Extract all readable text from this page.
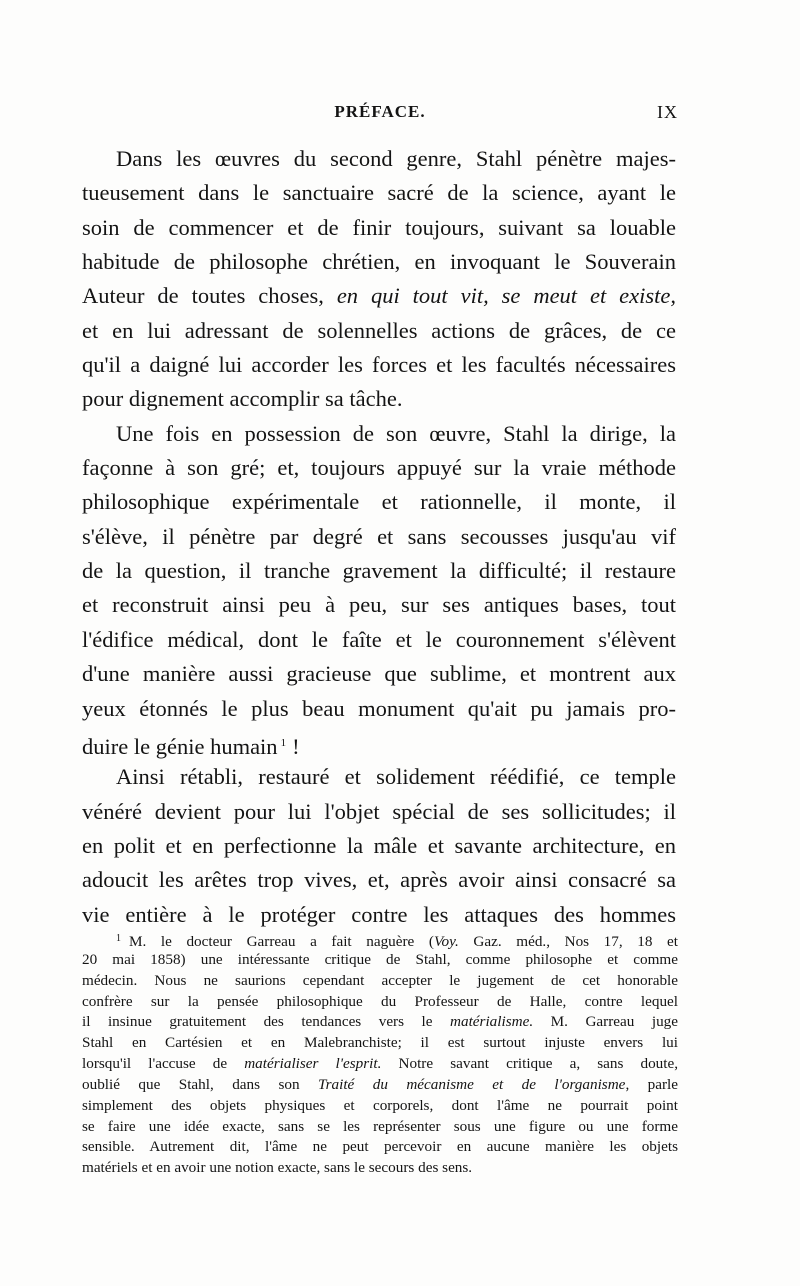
PRÉFACE.	IX
Dans les œuvres du second genre, Stahl pénètre majes-
tueusement dans le sanctuaire sacré de la science, ayant le
soin de commencer et de finir toujours, suivant sa louable
habitude de philosophe chrétien, en invoquant le Souverain
Auteur de toutes choses, en qui tout vit, se meut et existe,
et en lui adressant de solennelles actions de grâces, de ce
qu'il a daigné lui accorder les forces et les facultés nécessaires
pour dignement accomplir sa tâche.
Une fois en possession de son œuvre, Stahl la dirige, la
façonne à son gré; et, toujours appuyé sur la vraie méthode
philosophique expérimentale et rationnelle, il monte, il
s'élève, il pénètre par degré et sans secousses jusqu'au vif
de la question, il tranche gravement la difficulté; il restaure
et reconstruit ainsi peu à peu, sur ses antiques bases, tout
l'édifice médical, dont le faîte et le couronnement s'élèvent
d'une manière aussi gracieuse que sublime, et montrent aux
yeux étonnés le plus beau monument qu'ait pu jamais pro-
duire le génie humain $^1$ !
Ainsi rétabli, restauré et solidement réédifié, ce temple
vénéré devient pour lui l'objet spécial de ses sollicitudes; il
en polit et en perfectionne la mâle et savante architecture, en
adoucit les arêtes trop vives, et, après avoir ainsi consacré sa
vie entière à le protéger contre les attaques des hommes
$^1$ M. le docteur Garreau a fait naguère (Voy. Gaz. méd., Nos 17, 18 et
20 mai 1858) une intéressante critique de Stahl, comme philosophe et comme
médecin. Nous ne saurions cependant accepter le jugement de cet honorable
confrère sur la pensée philosophique du Professeur de Halle, contre lequel
il insinue gratuitement des tendances vers le matérialisme. M. Garreau juge
Stahl en Cartésien et en Malebranchiste; il est surtout injuste envers lui
lorsqu'il l'accuse de matérialiser l'esprit. Notre savant critique a, sans doute,
oublié que Stahl, dans son Traité du mécanisme et de l'organisme, parle
simplement des objets physiques et corporels, dont l'âme ne pourrait point
se faire une idée exacte, sans se les représenter sous une figure ou une forme
sensible. Autrement dit, l'âme ne peut percevoir en aucune manière les objets
matériels et en avoir une notion exacte, sans le secours des sens.
